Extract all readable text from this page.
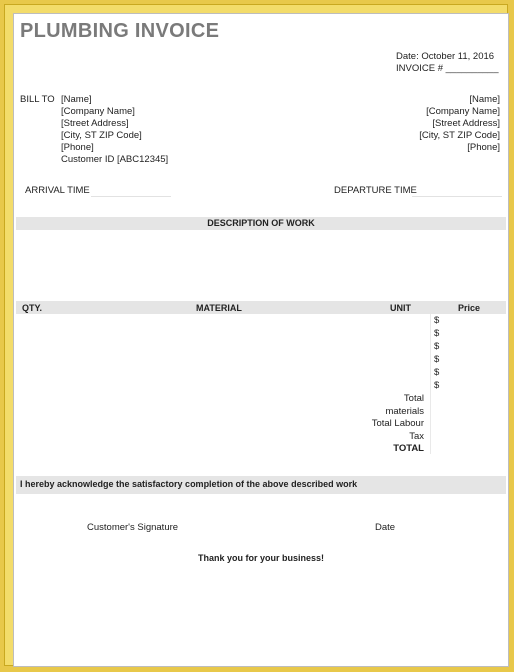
PLUMBING INVOICE
Date: October 11, 2016
INVOICE # __________
BILL TO [Name]
[Company Name]
[Street Address]
[City, ST ZIP Code]
[Phone]
Customer ID [ABC12345]
[Name]
[Company Name]
[Street Address]
[City, ST ZIP Code]
[Phone]
ARRIVAL TIME	DEPARTURE TIME
DESCRIPTION OF WORK
QTY.	MATERIAL	UNIT	Price
$
$
$
$
$
$
Total
materials
Total Labour
Tax
TOTAL
I hereby acknowledge the satisfactory completion of the above described work
Customer's Signature	Date
Thank you for your business!
